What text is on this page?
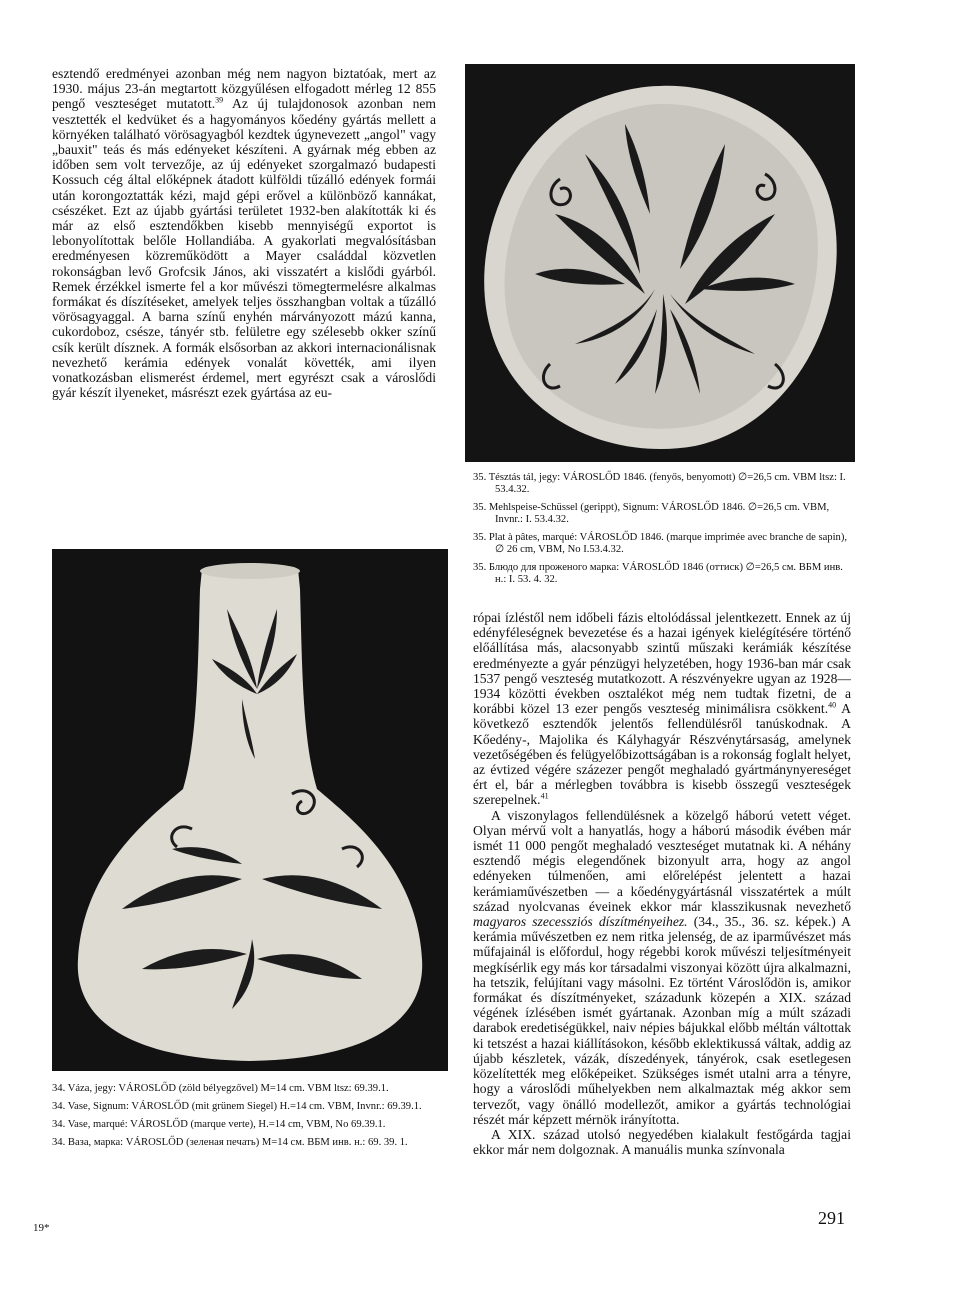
esztendő eredményei azonban még nem nagyon biztatóak, mert az 1930. május 23-án megtartott közgyűlésen elfogadott mérleg 12 855 pengő veszteséget mutatott.$^{39}$ Az új tulajdonosok azonban nem vesztették el kedvüket és a hagyományos kőedény gyártás mellett a környéken található vörösagyagból kezdtek úgynevezett „angol" vagy „bauxit" teás és más edényeket készíteni. A gyárnak még ebben az időben sem volt tervezője, az új edényeket szorgalmazó budapesti Kossuch cég által előképnek átadott külföldi tűzálló edények formái után korongoztatták kézi, majd gépi erővel a különböző kannákat, csészéket. Ezt az újabb gyártási területet 1932-ben alakították ki és már az első esztendőkben kisebb mennyiségű exportot is lebonyolítottak belőle Hollandiába. A gyakorlati megvalósításban eredményesen közreműködött a Mayer családdal közvetlen rokonságban levő Grofcsik János, aki visszatért a kislődi gyárból. Remek érzékkel ismerte fel a kor művészi tömegtermelésre alkalmas formákat és díszítéseket, amelyek teljes összhangban voltak a tűzálló vörösagyaggal. A barna színű enyhén márványozott mázú kanna, cukordoboz, csésze, tányér stb. felületre egy szélesebb okker színű csík került dísznek. A formák elsősorban az akkori internacionálisnak nevezhető kerámia edények vonalát követték, ami ilyen vonatkozásban elismerést érdemel, mert egyrészt csak a városlődi gyár készít ilyeneket, másrészt ezek gyártása az eu-

35. Tésztás tál, jegy: VÁROSLŐD 1846. (fenyős, benyomott) ∅=26,5 cm. VBM ltsz: I. 53.4.32.

35. Mehlspeise-Schüssel (gerippt), Signum: VÁROSLŐD 1846. ∅=26,5 cm. VBM, Invnr.: I. 53.4.32.

35. Plat à pâtes, marqué: VÁROSLŐD 1846. (marque imprimée avec branche de sapin), ∅ 26 cm, VBM, No I.53.4.32.

35. Блюдо для проженого марка: VÁROSLŐD 1846 (оттиск) ∅=26,5 см. ВБМ инв. н.: I. 53. 4. 32.

34. Váza, jegy: VÁROSLŐD (zöld bélyegzővel) M=14 cm. VBM ltsz: 69.39.1.

34. Vase, Signum: VÁROSLŐD (mit grünem Siegel) H.=14 cm. VBM, Invnr.: 69.39.1.

34. Vase, marqué: VÁROSLŐD (marque verte), H.=14 cm, VBM, No 69.39.1.

34. Ваза, марка: VÁROSLŐD (зеленая печать) M=14 см. ВБМ инв. н.: 69. 39. 1.

rópai ízléstől nem időbeli fázis eltolódással jelentkezett. Ennek az új edényféleségnek bevezetése és a hazai igények kielégítésére történő előállítása más, alacsonyabb szintű műszaki kerámiák készítése eredményezte a gyár pénzügyi helyzetében, hogy 1936-ban már csak 1537 pengő veszteség mutatkozott. A részvényekre ugyan az 1928—1934 közötti években osztalékot még nem tudtak fizetni, de a korábbi közel 13 ezer pengős veszteség minimálisra csökkent.$^{40}$ A következő esztendők jelentős fellendülésről tanúskodnak. A Kőedény-, Majolika és Kályhagyár Részvénytársaság, amelynek vezetőségében és felügyelőbizottságában is a rokonság foglalt helyet, az évtized végére százezer pengőt meghaladó gyártmánynyereséget ért el, bár a mérlegben továbbra is kisebb összegű veszteségek szerepelnek.$^{41}$

A viszonylagos fellendülésnek a közelgő háború vetett véget. Olyan mérvű volt a hanyatlás, hogy a háború második évében már ismét 11 000 pengőt meghaladó veszteséget mutatnak ki. A néhány esztendő mégis elegendőnek bizonyult arra, hogy az angol edényeken túlmenően, ami előrelépést jelentett a hazai kerámiaművészetben — a kőedénygyártásnál visszatértek a múlt század nyolcvanas éveinek ekkor már klasszikusnak nevezhető magyaros szecessziós díszítményeihez. (34., 35., 36. sz. képek.) A kerámia művészetben ez nem ritka jelenség, de az iparművészet más műfajainál is előfordul, hogy régebbi korok művészi teljesítményeit megkísérlik egy más kor társadalmi viszonyai között újra alkalmazni, ha tetszik, felújítani vagy másolni. Ez történt Városlődön is, amikor formákat és díszítményeket, századunk közepén a XIX. század végének ízlésében ismét gyártanak. Azonban míg a múlt századi darabok eredetiségükkel, naiv népies bájukkal előbb méltán váltottak ki tetszést a hazai kiállításokon, később eklektikussá váltak, addig az újabb készletek, vázák, díszedények, tányérok, csak esetlegesen közelítették meg előképeiket. Szükséges ismét utalni arra a tényre, hogy a városlődi műhelyekben nem alkalmaztak még akkor sem tervezőt, vagy önálló modellezőt, amikor a gyártás technológiai részét már képzett mérnök irányította.

A XIX. század utolsó negyedében kialakult festőgárda tagjai ekkor már nem dolgoznak. A manuális munka színvonala

19*	291
